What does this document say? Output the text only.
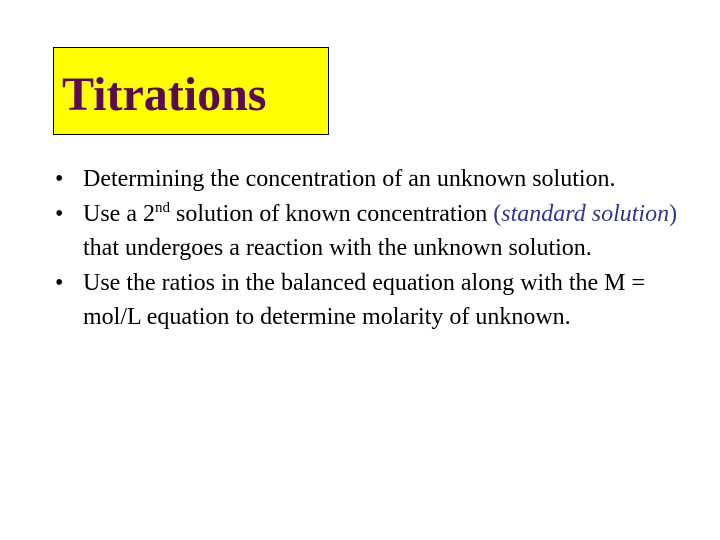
Titrations
• Determining the concentration of an unknown solution.
• Use a 2nd solution of known concentration (standard solution) that undergoes a reaction with the unknown solution.
• Use the ratios in the balanced equation along with the M = mol/L equation to determine molarity of unknown.
